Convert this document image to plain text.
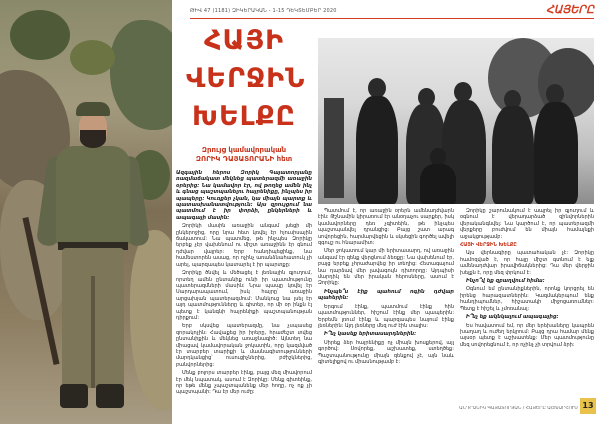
ԹԻՎ 47 (1181) ԶԻԿԵՐԱԿԱՆ - 1-15 ԴԵԿՏԵՄԲԵՐ 2020	ՀԱՅԵՐԸ
ՀԱՅԻ
ՎԵՐՋԻՆ
ԽԵԼՔԸ
Զրույց կամավորական
ԶՈՐԻԿ ԴԱՅԱՏՈՐԱՆԻ հետ

Ազգային հերոս Զորիկ Գայատորյանը ռազմաճակատ մեկնեց պատերազմի առաջին օրերից: Նա կամավոր էր, ով թողեց ամեն ինչ և գնաց պաշտպանելու հայրենիքը, ինչպես իր պապերը: Կուռքեր չկան, կա միայն պարտք և պատասխանատվություն: Այս զրույցում նա պատմում է իր փորձի, ընկերների և ապագայի մասին:

Զորիկի մասին առաջին անգամ լսեցի մի ընկերոջից, որը նրա հետ կռվել էր հյուսիսային ճակատում: Նա պատմեց, թե ինչպես Զորիկը երբեք չէր վախենում ու միշտ առաջինն էր գնում դժվար վայրեր: Երբ հանդիպեցինք, նա համեստորեն ասաց, որ ոչինչ առանձնահատուկ չի արել, պարզապես կատարել է իր պարտքը:

Զորիկը ծնվել և մեծացել է լեռնային գյուղում, որտեղ ամեն ընտանիք ունի իր պատմությունը պատերազմների մասին: Նրա պապը կռվել էր Սարդարապատում, իսկ հայրը՝ առաջին արցախյան պատերազմում: Մանկուց նա լսել էր այդ պատմությունները և գիտեր, որ մի օր ինքն էլ պետք է կանգնի հայրենիքի պաշտպանության դիրքում:

Երբ սկսվեց պատերազմը, նա չսպասեց զորակոչին: Հավաքեց իր իրերը, հրաժեշտ տվեց ընտանիքին և մեկնեց առաջնագիծ: Այնտեղ նա միացավ կամավորական ջոկատին, որը կազմված էր տարբեր տարիքի և մասնագիտությունների մարդկանցից՝ ուսուցիչներից, բժիշկներից, բանվորներից:

Մենք բոլորս տարբեր էինք, բայց մեզ միավորում էր մեկ նպատակ, ասում է Զորիկը: Մենք գիտեինք, որ եթե մենք չպաշտպանենք մեր հողը, ոչ ոք չի պաշտպանի: Դա էր մեր ուժը:

Պատմում է, որ առաջին օրերն ամենադժվարն էին: Թշնամին կիրառում էր անօդաչու սարքեր, իսկ կամավորները դեռ չգիտեին, թե ինչպես պաշտպանվել դրանցից: Բայց շատ արագ սովորեցին, հարմարվեցին և սկսեցին գործել ավելի զգույշ ու հնարամիտ:

Մեր ջոկատում կար մի երիտասարդ, ով առաջին անգամ էր զենք վերցնում ձեռքը: Նա վախենում էր, բայց երբեք չհրաժարվեց իր տեղից: Հետագայում նա դարձավ մեր լավագույն դիտորդը: Այդպիսի մարդիկ են մեր իրական հերոսները, ասում է Զորիկը:

Ինչպե՞ս էիք պահում ոգին դժվար պահերին:

Երգում էինք, պատմում էինք հին պատմություններ, հիշում էինք մեր պապերին: Երբեմն լռում էինք և պարզապես նայում էինք լեռներին: Այդ լեռները մեզ ուժ էին տալիս:

Ի՞նչ կասեք երիտասարդներին:

Սիրեք ձեր հայրենիքը ոչ միայն խոսքերով, այլ գործով: Սովորեք, աշխատեք, ստեղծեք: Պաշտպանությունը միայն զենքով չէ, այն նաև գիտելիքով ու միասնությամբ է:

Զորիկը շարունակում է ապրել իր գյուղում և օգնում է վերադարձած զինվորներին վերականգնվել: Նա կարծում է, որ պատերազմի վերքերը բուժվում են միայն համայնքի աջակցությամբ:

ՀԱՅԻ ՎԵՐՋԻՆ ԽԵԼՔԸ

Այս վերնագիրը պատահական չէ: Զորիկը համոզված է, որ հայը միշտ գտնում է ելք ամենադժվար իրավիճակներից: Դա մեր վերջին խելքն է, որը մեզ փրկում է:

Ինչո՞վ եք զբաղվում հիմա:

Օգնում եմ ընտանիքներին, որոնք կորցրել են իրենց հարազատներին: Կազմակերպում ենք հանդիպումներ, հիշատակի միջոցառումներ: Պետք է հիշել և չմոռանալ:

Ի՞նչ եք ակնկալում ապագայից:

Ես հավատում եմ, որ մեր երեխաները կապրեն խաղաղ և ուժեղ երկրում: Բայց դրա համար մենք այսօր պետք է աշխատենք: Մեր պատմությունը մեզ սովորեցնում է, որ ոչինչ չի տրվում ձրի:

ԱՆԴՐԱՆԻԿ ԳԱՅԱՏՈՐՅԱՆ / ՀԱՅԵՐԸ ԱՇԽԱՐՀՈՒՄ 13
